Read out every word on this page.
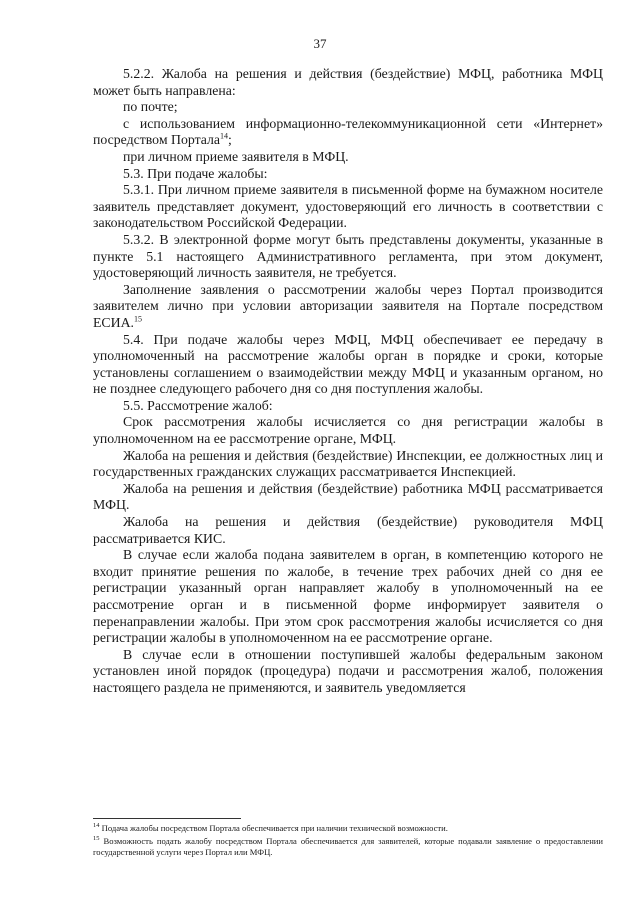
37

5.2.2. Жалоба на решения и действия (бездействие) МФЦ, работника МФЦ может быть направлена:

по почте;

с использованием информационно-телекоммуникационной сети «Интернет» посредством Портала$^{14}$;

при личном приеме заявителя в МФЦ.

5.3. При подаче жалобы:

5.3.1. При личном приеме заявителя в письменной форме на бумажном носителе заявитель представляет документ, удостоверяющий его личность в соответствии с законодательством Российской Федерации.

5.3.2. В электронной форме могут быть представлены документы, указанные в пункте 5.1 настоящего Административного регламента, при этом документ, удостоверяющий личность заявителя, не требуется.

Заполнение заявления о рассмотрении жалобы через Портал производится заявителем лично при условии авторизации заявителя на Портале посредством ЕСИА.$^{15}$

5.4. При подаче жалобы через МФЦ, МФЦ обеспечивает ее передачу в уполномоченный на рассмотрение жалобы орган в порядке и сроки, которые установлены соглашением о взаимодействии между МФЦ и указанным органом, но не позднее следующего рабочего дня со дня поступления жалобы.

5.5. Рассмотрение жалоб:

Срок рассмотрения жалобы исчисляется со дня регистрации жалобы в уполномоченном на ее рассмотрение органе, МФЦ.

Жалоба на решения и действия (бездействие) Инспекции, ее должностных лиц и государственных гражданских служащих рассматривается Инспекцией.

Жалоба на решения и действия (бездействие) работника МФЦ рассматривается МФЦ.

Жалоба на решения и действия (бездействие) руководителя МФЦ рассматривается КИС.

В случае если жалоба подана заявителем в орган, в компетенцию которого не входит принятие решения по жалобе, в течение трех рабочих дней со дня ее регистрации указанный орган направляет жалобу в уполномоченный на ее рассмотрение орган и в письменной форме информирует заявителя о перенаправлении жалобы. При этом срок рассмотрения жалобы исчисляется со дня регистрации жалобы в уполномоченном на ее рассмотрение органе.

В случае если в отношении поступившей жалобы федеральным законом установлен иной порядок (процедура) подачи и рассмотрения жалоб, положения настоящего раздела не применяются, и заявитель уведомляется

$^{14}$ Подача жалобы посредством Портала обеспечивается при наличии технической возможности.

$^{15}$ Возможность подать жалобу посредством Портала обеспечивается для заявителей, которые подавали заявление о предоставлении государственной услуги через Портал или МФЦ.
